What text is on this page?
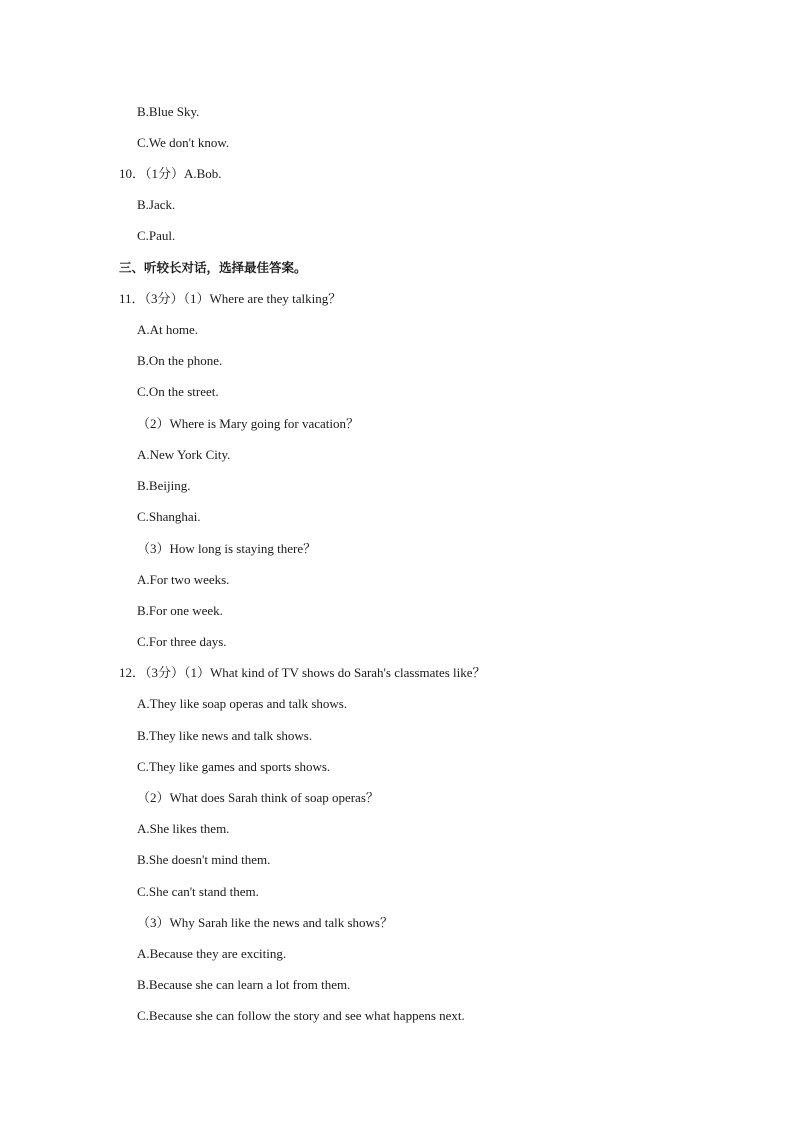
B.Blue Sky.
C.We don't know.
10．（1分）A.Bob.
B.Jack.
C.Paul.
三、听较长对话，选择最佳答案。
11．（3分）（1）Where are they talking？
A.At home.
B.On the phone.
C.On the street.
（2）Where is Mary going for vacation？
A.New York City.
B.Beijing.
C.Shanghai.
（3）How long is staying there？
A.For two weeks.
B.For one week.
C.For three days.
12．（3分）（1）What kind of TV shows do Sarah's classmates like？
A.They like soap operas and talk shows.
B.They like news and talk shows.
C.They like games and sports shows.
（2）What does Sarah think of soap operas？
A.She likes them.
B.She doesn't mind them.
C.She can't stand them.
（3）Why Sarah like the news and talk shows？
A.Because they are exciting.
B.Because she can learn a lot from them.
C.Because she can follow the story and see what happens next.
